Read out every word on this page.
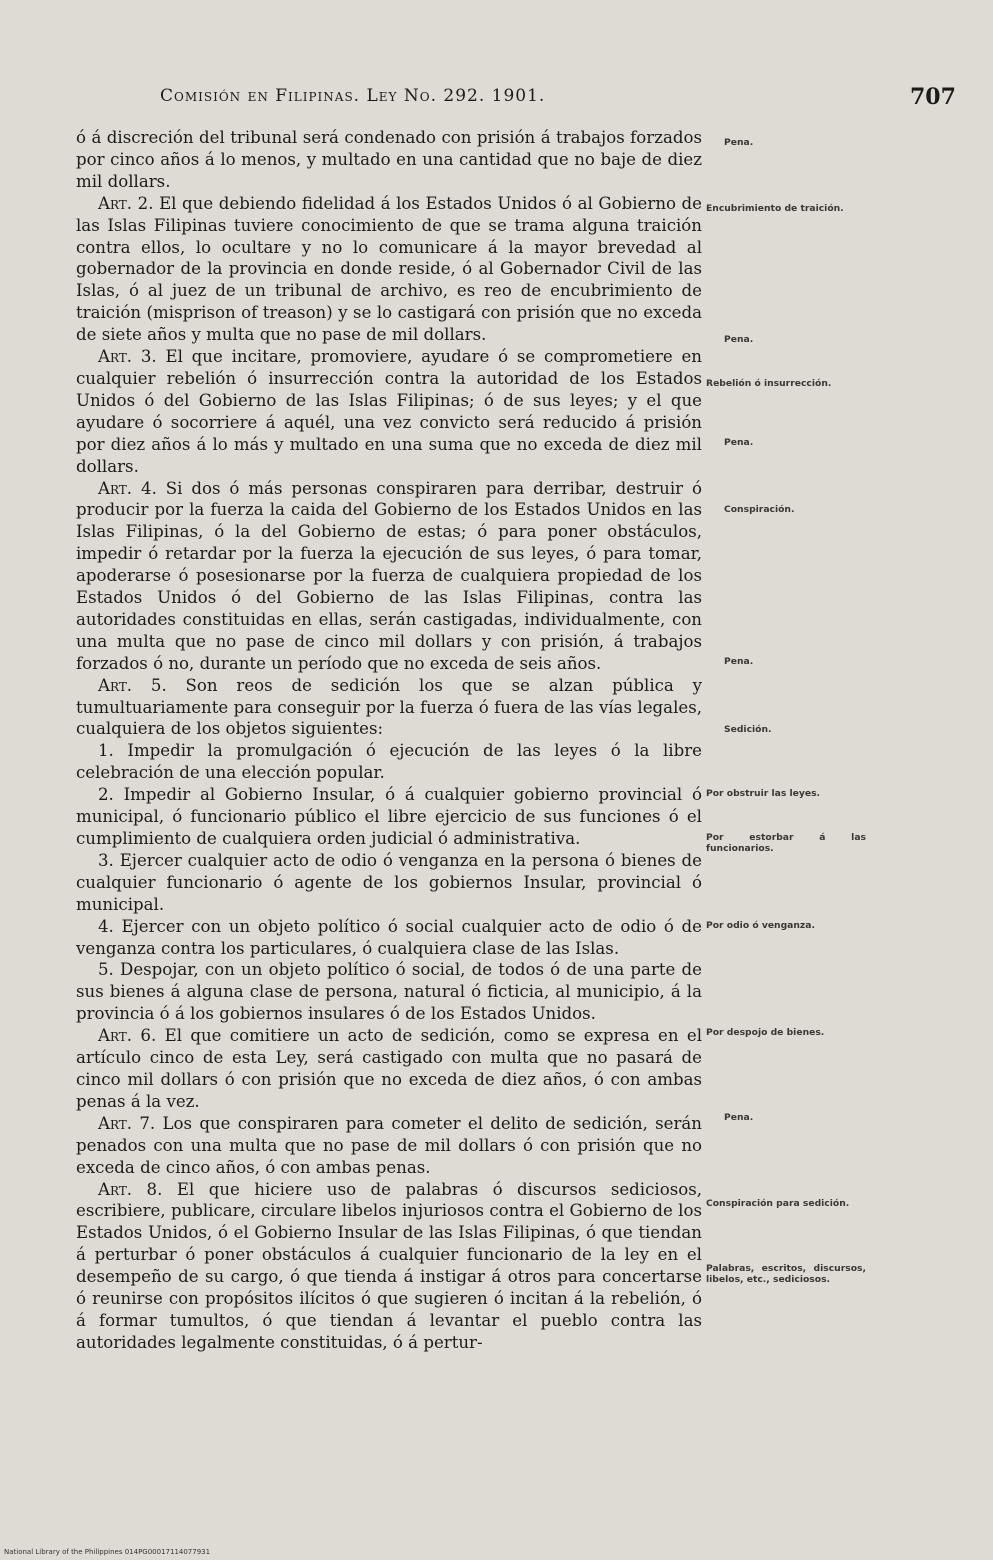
Comisión en Filipinas. Ley No. 292. 1901.	707

ó á discreción del tribunal será condenado con prisión á trabajos forzados por cinco años á lo menos, y multado en una cantidad que no baje de diez mil dollars.

Art. 2. El que debiendo fidelidad á los Estados Unidos ó al Gobierno de las Islas Filipinas tuviere conocimiento de que se trama alguna traición contra ellos, lo ocultare y no lo comunicare á la mayor brevedad al gobernador de la provincia en donde reside, ó al Gobernador Civil de las Islas, ó al juez de un tribunal de archivo, es reo de encubrimiento de traición (misprison of treason) y se lo castigará con prisión que no exceda de siete años y multa que no pase de mil dollars.

Art. 3. El que incitare, promoviere, ayudare ó se comprometiere en cualquier rebelión ó insurrección contra la autoridad de los Estados Unidos ó del Gobierno de las Islas Filipinas; ó de sus leyes; y el que ayudare ó socorriere á aquél, una vez convicto será reducido á prisión por diez años á lo más y multado en una suma que no exceda de diez mil dollars.

Art. 4. Si dos ó más personas conspiraren para derribar, destruir ó producir por la fuerza la caida del Gobierno de los Estados Unidos en las Islas Filipinas, ó la del Gobierno de estas; ó para poner obstáculos, impedir ó retardar por la fuerza la ejecución de sus leyes, ó para tomar, apoderarse ó posesionarse por la fuerza de cualquiera propiedad de los Estados Unidos ó del Gobierno de las Islas Filipinas, contra las autoridades constituidas en ellas, serán castigadas, individualmente, con una multa que no pase de cinco mil dollars y con prisión, á trabajos forzados ó no, durante un período que no exceda de seis años.

Art. 5. Son reos de sedición los que se alzan pública y tumultuariamente para conseguir por la fuerza ó fuera de las vías legales, cualquiera de los objetos siguientes:

1. Impedir la promulgación ó ejecución de las leyes ó la libre celebración de una elección popular.

2. Impedir al Gobierno Insular, ó á cualquier gobierno provincial ó municipal, ó funcionario público el libre ejercicio de sus funciones ó el cumplimiento de cualquiera orden judicial ó administrativa.

3. Ejercer cualquier acto de odio ó venganza en la persona ó bienes de cualquier funcionario ó agente de los gobiernos Insular, provincial ó municipal.

4. Ejercer con un objeto político ó social cualquier acto de odio ó de venganza contra los particulares, ó cualquiera clase de las Islas.

5. Despojar, con un objeto político ó social, de todos ó de una parte de sus bienes á alguna clase de persona, natural ó ficticia, al municipio, á la provincia ó á los gobiernos insulares ó de los Estados Unidos.

Art. 6. El que comitiere un acto de sedición, como se expresa en el artículo cinco de esta Ley, será castigado con multa que no pasará de cinco mil dollars ó con prisión que no exceda de diez años, ó con ambas penas á la vez.

Art. 7. Los que conspiraren para cometer el delito de sedición, serán penados con una multa que no pase de mil dollars ó con prisión que no exceda de cinco años, ó con ambas penas.

Art. 8. El que hiciere uso de palabras ó discursos sediciosos, escribiere, publicare, circulare libelos injuriosos contra el Gobierno de los Estados Unidos, ó el Gobierno Insular de las Islas Filipinas, ó que tiendan á perturbar ó poner obstáculos á cualquier funcionario de la ley en el desempeño de su cargo, ó que tienda á instigar á otros para concertarse ó reunirse con propósitos ilícitos ó que sugieren ó incitan á la rebelión, ó á formar tumultos, ó que tiendan á levantar el pueblo contra las autoridades legalmente constituidas, ó á pertur-

Pena.
Encubrimiento de traición.
Pena.
Rebelión ó insurrección.
Pena.
Conspiración.
Pena.
Sedición.
Por obstruir las leyes.
Por estorbar á las funcionarios.
Por odio ó venganza.
Por despojo de bienes.
Pena.
Conspiración para sedición.
Palabras, escritos, discursos, libelos, etc., sediciosos.
National Library of the Philippines 014PG00017114077931
